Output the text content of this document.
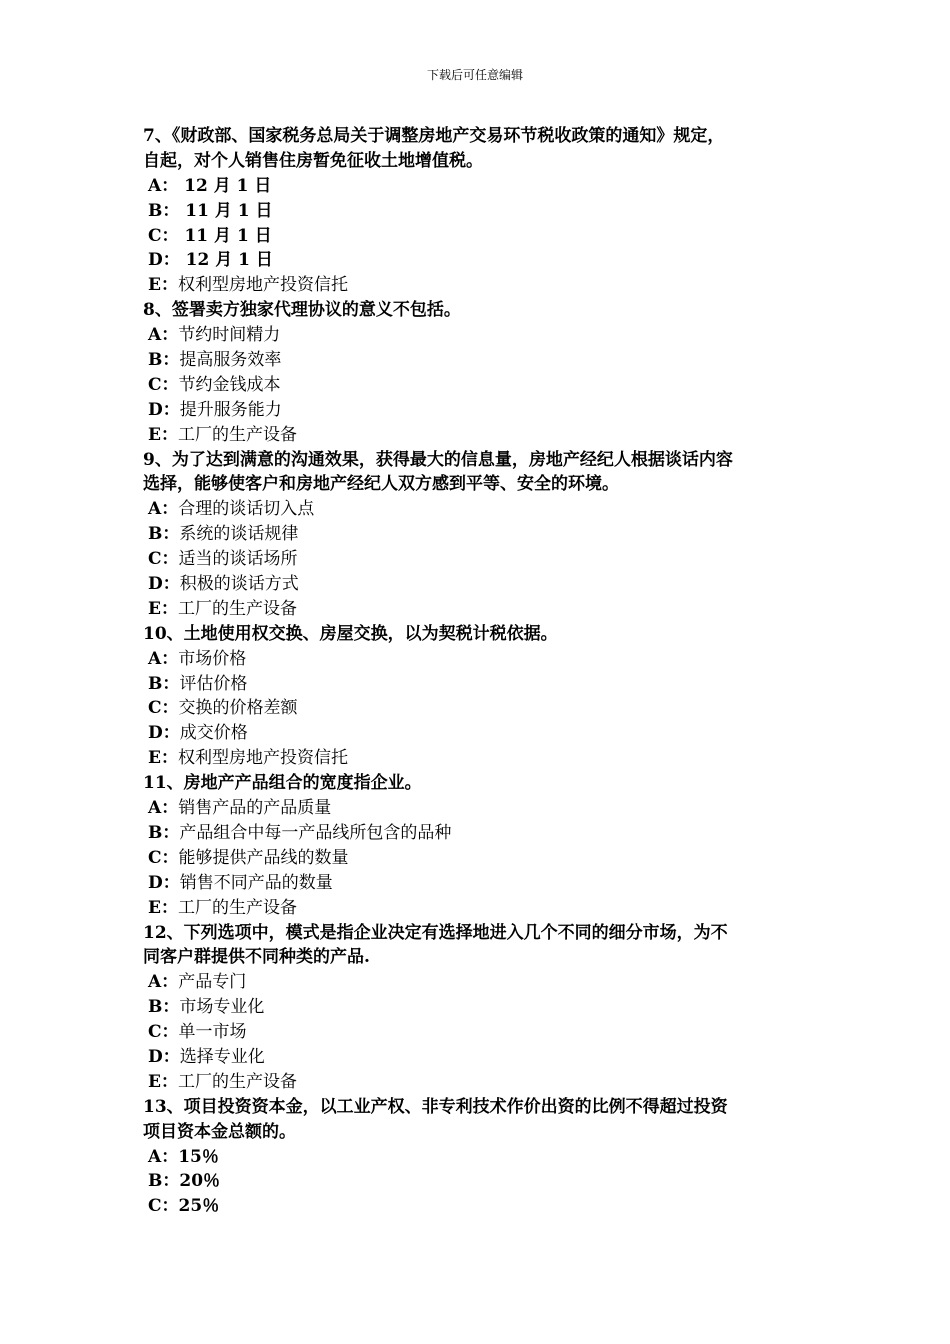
下载后可任意编辑
7、《财政部、国家税务总局关于调整房地产交易环节税收政策的通知》规定，
自起，对个人销售住房暂免征收土地增值税。
A： 12 月 1 日
B： 11 月 1 日
C： 11 月 1 日
D： 12 月 1 日
E：权利型房地产投资信托
8、签署卖方独家代理协议的意义不包括。
A：节约时间精力
B：提高服务效率
C：节约金钱成本
D：提升服务能力
E：工厂的生产设备
9、为了达到满意的沟通效果，获得最大的信息量，房地产经纪人根据谈话内容
选择，能够使客户和房地产经纪人双方感到平等、安全的环境。
A：合理的谈话切入点
B：系统的谈话规律
C：适当的谈话场所
D：积极的谈话方式
E：工厂的生产设备
10、土地使用权交换、房屋交换，以为契税计税依据。
A：市场价格
B：评估价格
C：交换的价格差额
D：成交价格
E：权利型房地产投资信托
11、房地产产品组合的宽度指企业。
A：销售产品的产品质量
B：产品组合中每一产品线所包含的品种
C：能够提供产品线的数量
D：销售不同产品的数量
E：工厂的生产设备
12、下列选项中，模式是指企业决定有选择地进入几个不同的细分市场，为不
同客户群提供不同种类的产品.
A：产品专门
B：市场专业化
C：单一市场
D：选择专业化
E：工厂的生产设备
13、项目投资资本金，以工业产权、非专利技术作价出资的比例不得超过投资
项目资本金总额的。
A：15％
B：20％
C：25％
